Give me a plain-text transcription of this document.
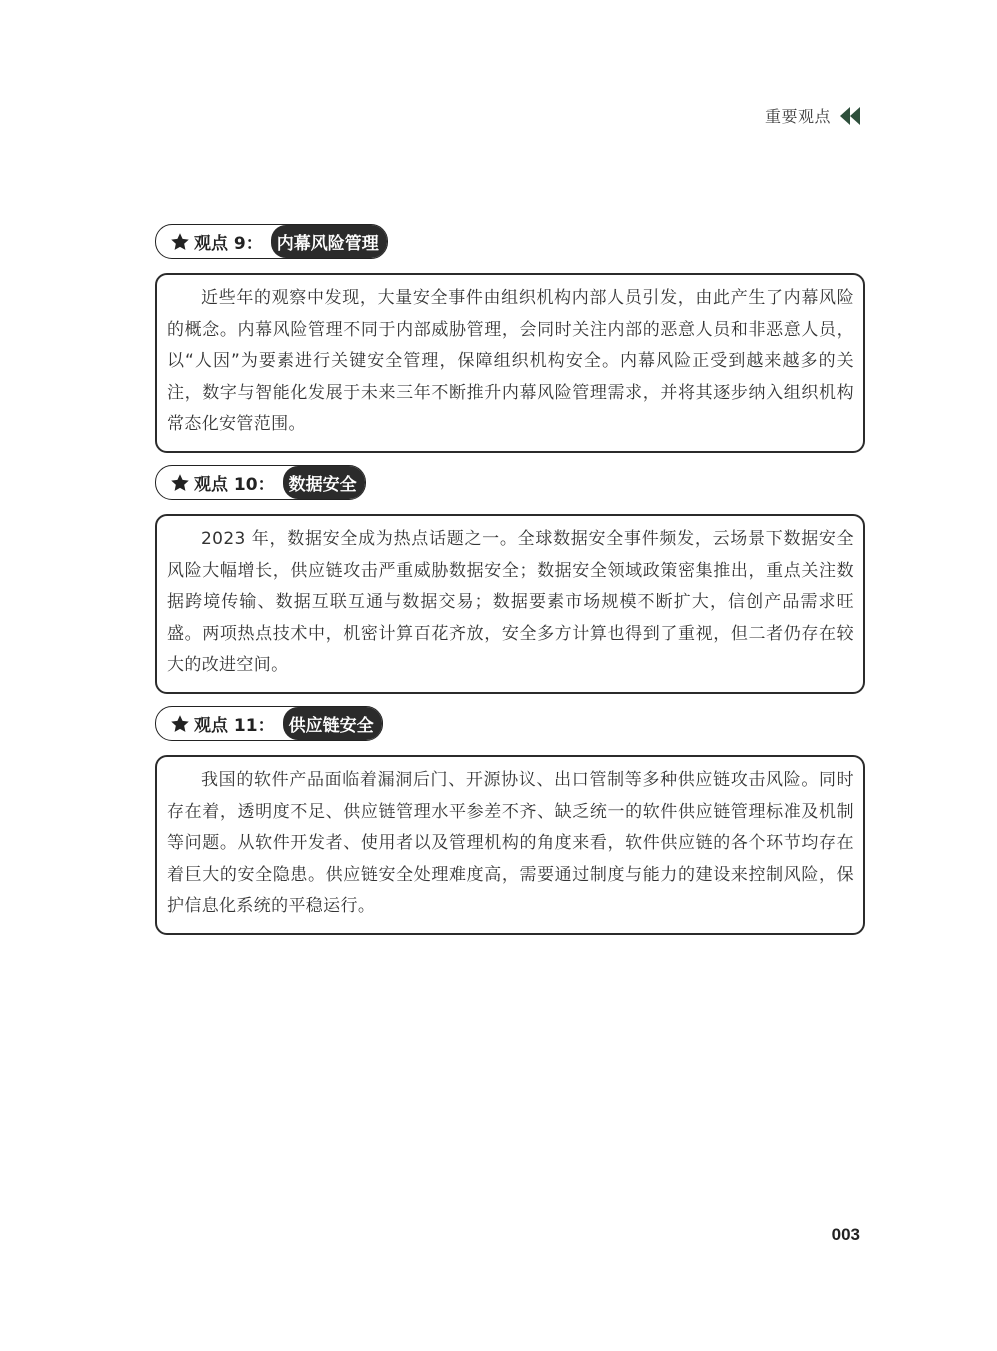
重要观点
观点 9： 内幕风险管理

近些年的观察中发现，大量安全事件由组织机构内部人员引发，由此产生了内幕风险的概念。内幕风险管理不同于内部威胁管理，会同时关注内部的恶意人员和非恶意人员，以“人因”为要素进行关键安全管理，保障组织机构安全。内幕风险正受到越来越多的关注，数字与智能化发展于未来三年不断推升内幕风险管理需求，并将其逐步纳入组织机构常态化安管范围。

观点 10： 数据安全

2023 年，数据安全成为热点话题之一。全球数据安全事件频发，云场景下数据安全风险大幅增长，供应链攻击严重威胁数据安全；数据安全领域政策密集推出，重点关注数据跨境传输、数据互联互通与数据交易；数据要素市场规模不断扩大，信创产品需求旺盛。两项热点技术中，机密计算百花齐放，安全多方计算也得到了重视，但二者仍存在较大的改进空间。

观点 11： 供应链安全

我国的软件产品面临着漏洞后门、开源协议、出口管制等多种供应链攻击风险。同时存在着，透明度不足、供应链管理水平参差不齐、缺乏统一的软件供应链管理标准及机制等问题。从软件开发者、使用者以及管理机构的角度来看，软件供应链的各个环节均存在着巨大的安全隐患。供应链安全处理难度高，需要通过制度与能力的建设来控制风险，保护信息化系统的平稳运行。

003
